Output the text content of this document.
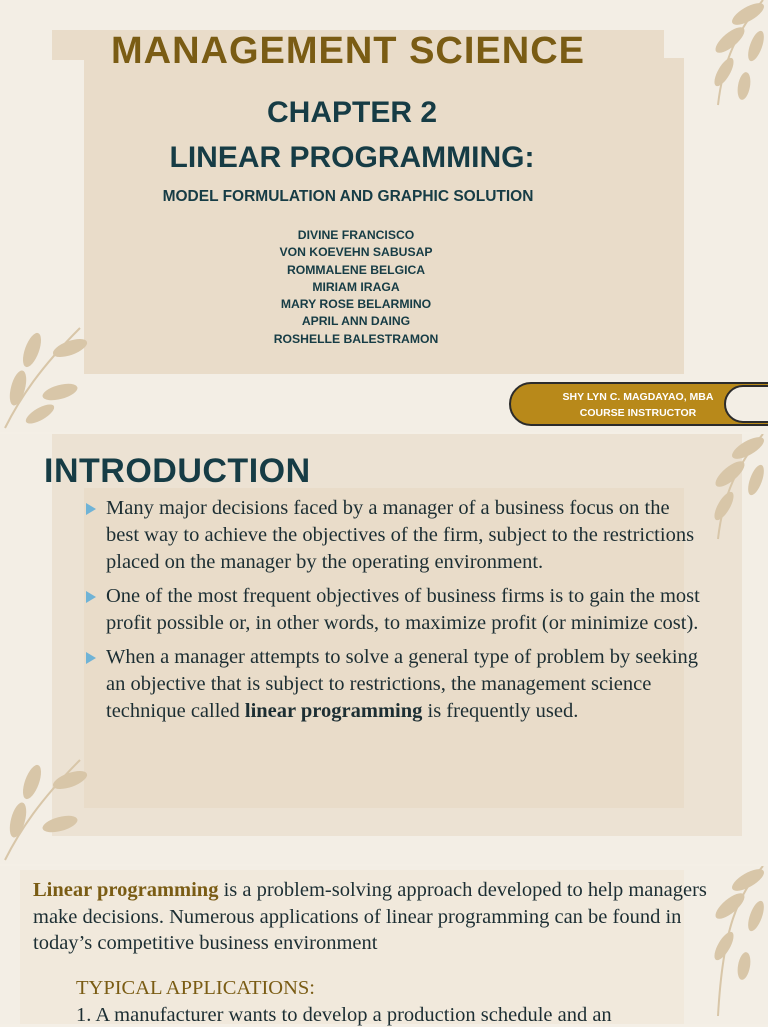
MANAGEMENT SCIENCE
CHAPTER 2
LINEAR PROGRAMMING:
MODEL FORMULATION AND GRAPHIC SOLUTION
DIVINE FRANCISCO
VON KOEVEHN SABUSAP
ROMMALENE BELGICA
MIRIAM IRAGA
MARY ROSE BELARMINO
APRIL ANN DAING
ROSHELLE BALESTRAMON
SHY LYN C. MAGDAYAO, MBA
COURSE INSTRUCTOR
INTRODUCTION
Many major decisions faced by a manager of a business focus on the best way to achieve the objectives of the firm, subject to the restrictions placed on the manager by the operating environment.
One of the most frequent objectives of business firms is to gain the most profit possible or, in other words, to maximize profit (or minimize cost).
When a manager attempts to solve a general type of problem by seeking an objective that is subject to restrictions, the management science technique called linear programming is frequently used.
Linear programming is a problem-solving approach developed to help managers make decisions. Numerous applications of linear programming can be found in today’s competitive business environment
TYPICAL APPLICATIONS:
1. A manufacturer wants to develop a production schedule and an
